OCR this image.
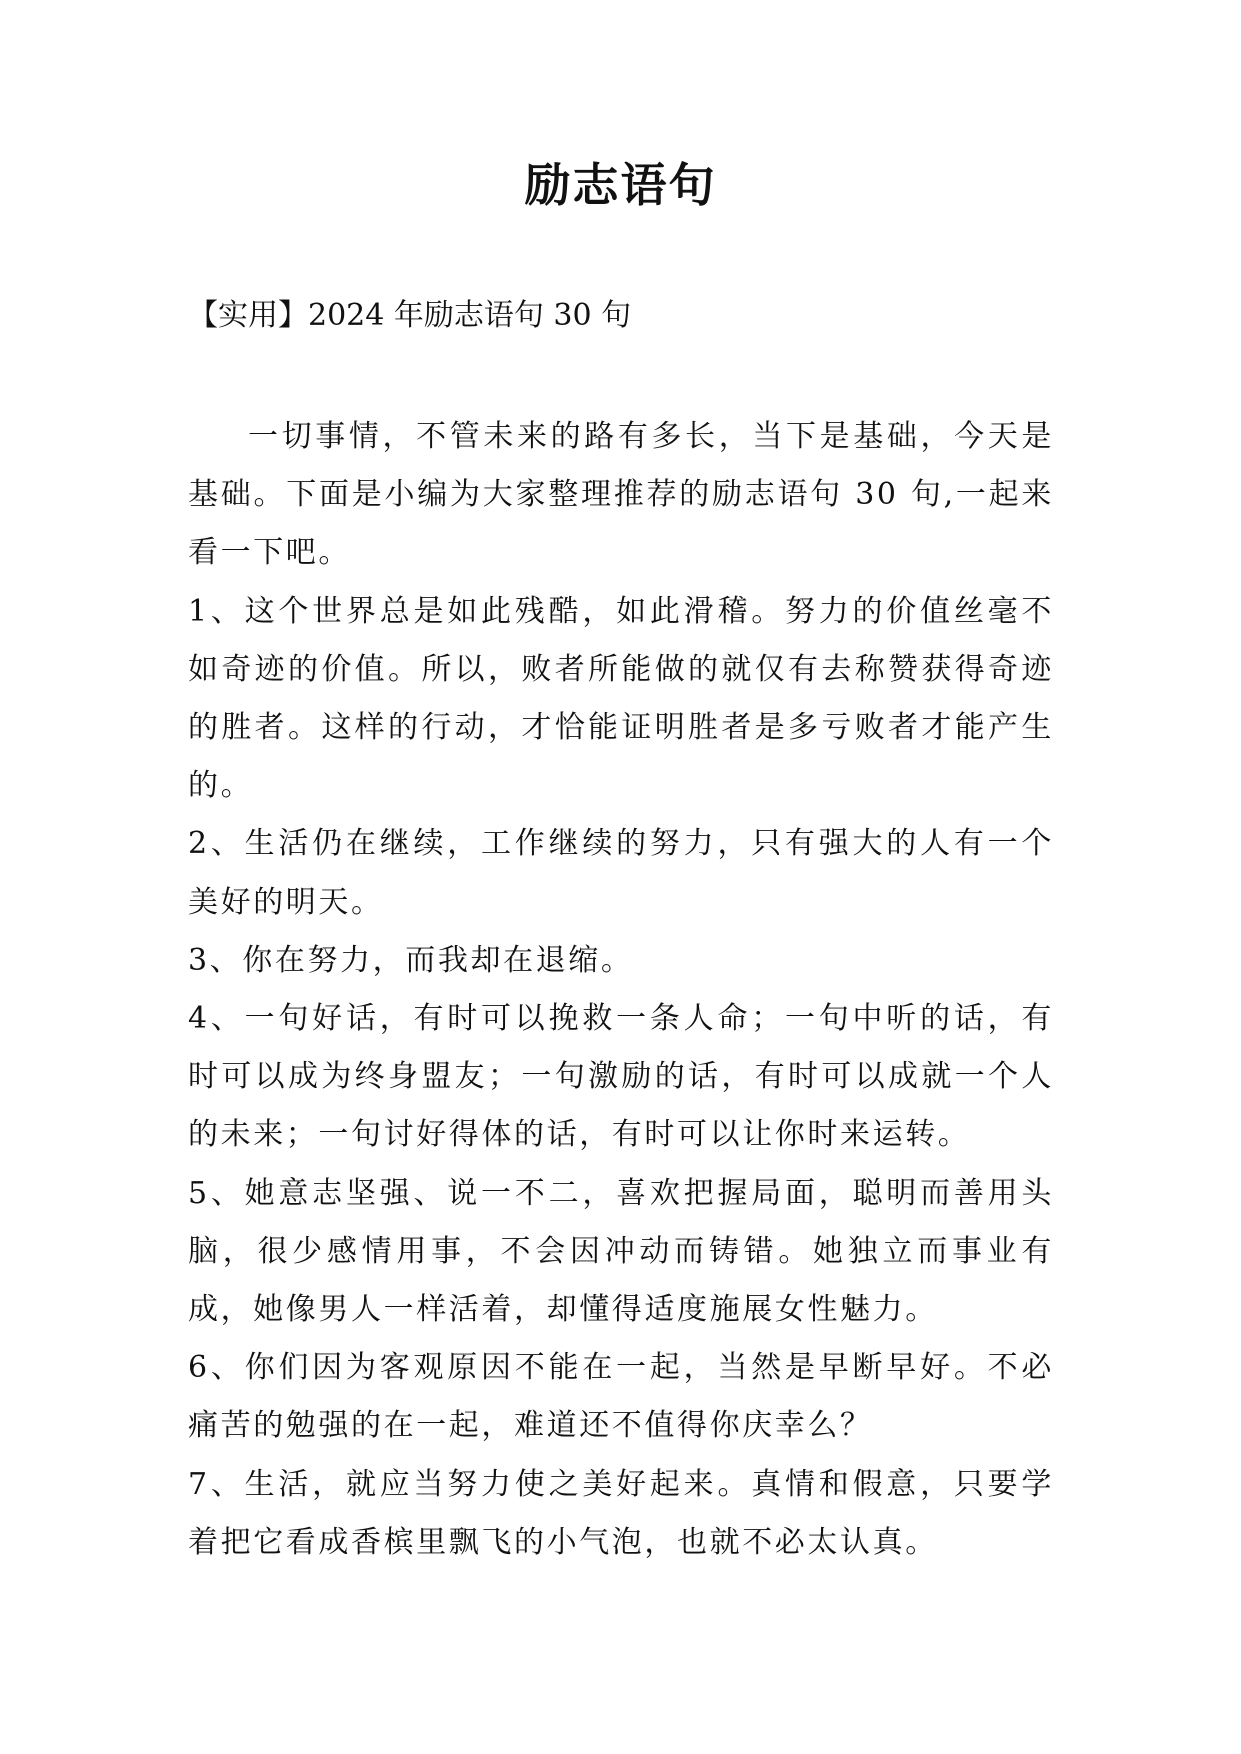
励志语句
【实用】2024 年励志语句 30 句

一切事情，不管未来的路有多长，当下是基础，今天是基础。下面是小编为大家整理推荐的励志语句 30 句,一起来看一下吧。

1、这个世界总是如此残酷，如此滑稽。努力的价值丝毫不如奇迹的价值。所以，败者所能做的就仅有去称赞获得奇迹的胜者。这样的行动，才恰能证明胜者是多亏败者才能产生的。

2、生活仍在继续，工作继续的努力，只有强大的人有一个美好的明天。

3、你在努力，而我却在退缩。

4、一句好话，有时可以挽救一条人命；一句中听的话，有时可以成为终身盟友；一句激励的话，有时可以成就一个人的未来；一句讨好得体的话，有时可以让你时来运转。

5、她意志坚强、说一不二，喜欢把握局面，聪明而善用头脑，很少感情用事，不会因冲动而铸错。她独立而事业有成，她像男人一样活着，却懂得适度施展女性魅力。

6、你们因为客观原因不能在一起，当然是早断早好。不必痛苦的勉强的在一起，难道还不值得你庆幸么？

7、生活，就应当努力使之美好起来。真情和假意，只要学着把它看成香槟里飘飞的小气泡，也就不必太认真。
